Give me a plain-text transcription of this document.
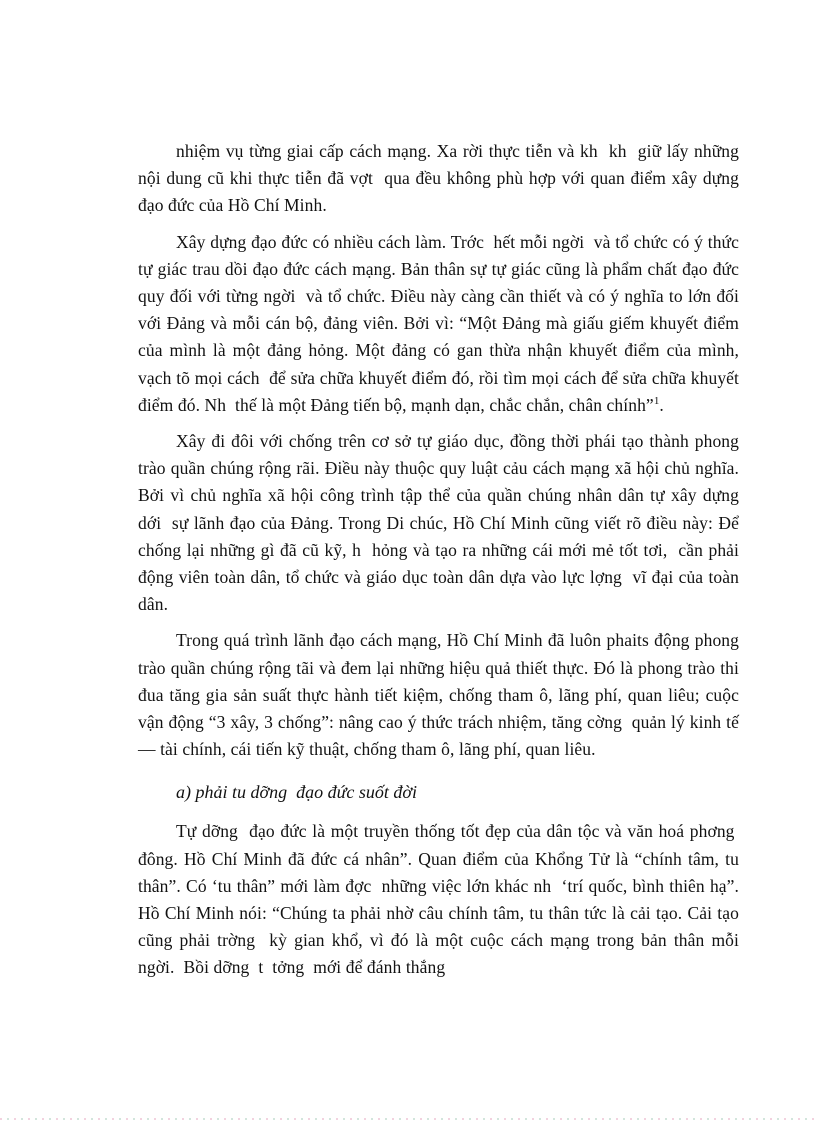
nhiệm vụ từng giai cấp cách mạng. Xa rời thực tiễn và kh  kh  giữ lấy những nội dung cũ khi thực tiễn đã vợt  qua đều không phù hợp với quan điểm xây dựng đạo đức của Hồ Chí Minh.

Xây dựng đạo đức có nhiều cách làm. Trớc  hết mỗi ngời  và tổ chức có ý thức tự giác trau dồi đạo đức cách mạng. Bản thân sự tự giác cũng là phẩm chất đạo đức quy đối với từng ngời  và tổ chức. Điều này càng cần thiết và có ý nghĩa to lớn đối với Đảng và mỗi cán bộ, đảng viên. Bởi vì: “Một Đảng mà giấu giếm khuyết điểm của mình là một đảng hỏng. Một đảng có gan thừa nhận khuyết điểm của mình, vạch tõ mọi cách  để sửa chữa khuyết điểm đó, rồi tìm mọi cách để sửa chữa khuyết điểm đó. Nh  thế là một Đảng tiến bộ, mạnh dạn, chắc chắn, chân chính”$^1$.

Xây đi đôi với chống trên cơ sở tự giáo dục, đồng thời phái tạo thành phong trào quần chúng rộng rãi. Điều này thuộc quy luật cảu cách mạng xã hội chủ nghĩa. Bởi vì chủ nghĩa xã hội công trình tập thể của quần chúng nhân dân tự xây dựng dới  sự lãnh đạo của Đảng. Trong Di chúc, Hồ Chí Minh cũng viết rõ điều này: Để chống lại những gì đã cũ kỹ, h  hỏng và tạo ra những cái mới mẻ tốt tơi,  cần phải động viên toàn dân, tổ chức và giáo dục toàn dân dựa vào lực lợng  vĩ đại của toàn dân.

Trong quá trình lãnh đạo cách mạng, Hồ Chí Minh đã luôn phaits động phong trào quần chúng rộng tãi và đem lại những hiệu quả thiết thực. Đó là phong trào thi đua tăng gia sản suất thực hành tiết kiệm, chống tham ô, lãng phí, quan liêu; cuộc vận động “3 xây, 3 chống”: nâng cao ý thức trách nhiệm, tăng cờng  quản lý kinh tế — tài chính, cái tiến kỹ thuật, chống tham ô, lãng phí, quan liêu.

a) phải tu dỡng  đạo đức suốt đời

Tự dỡng  đạo đức là một truyền thống tốt đẹp của dân tộc và văn hoá phơng  đông. Hồ Chí Minh đã đức cá nhân”. Quan điểm của Khổng Tử là “chính tâm, tu thân”. Có ‘tu thân” mới làm đợc  những việc lớn khác nh  ‘trí quốc, bình thiên hạ”. Hồ Chí Minh nói: “Chúng ta phải nhờ câu chính tâm, tu thân tức là cải tạo. Cải tạo cũng phải trờng  kỳ gian khổ, vì đó là một cuộc cách mạng trong bản thân mỗi ngời.  Bồi dỡng  t  tởng  mới để đánh thắng
